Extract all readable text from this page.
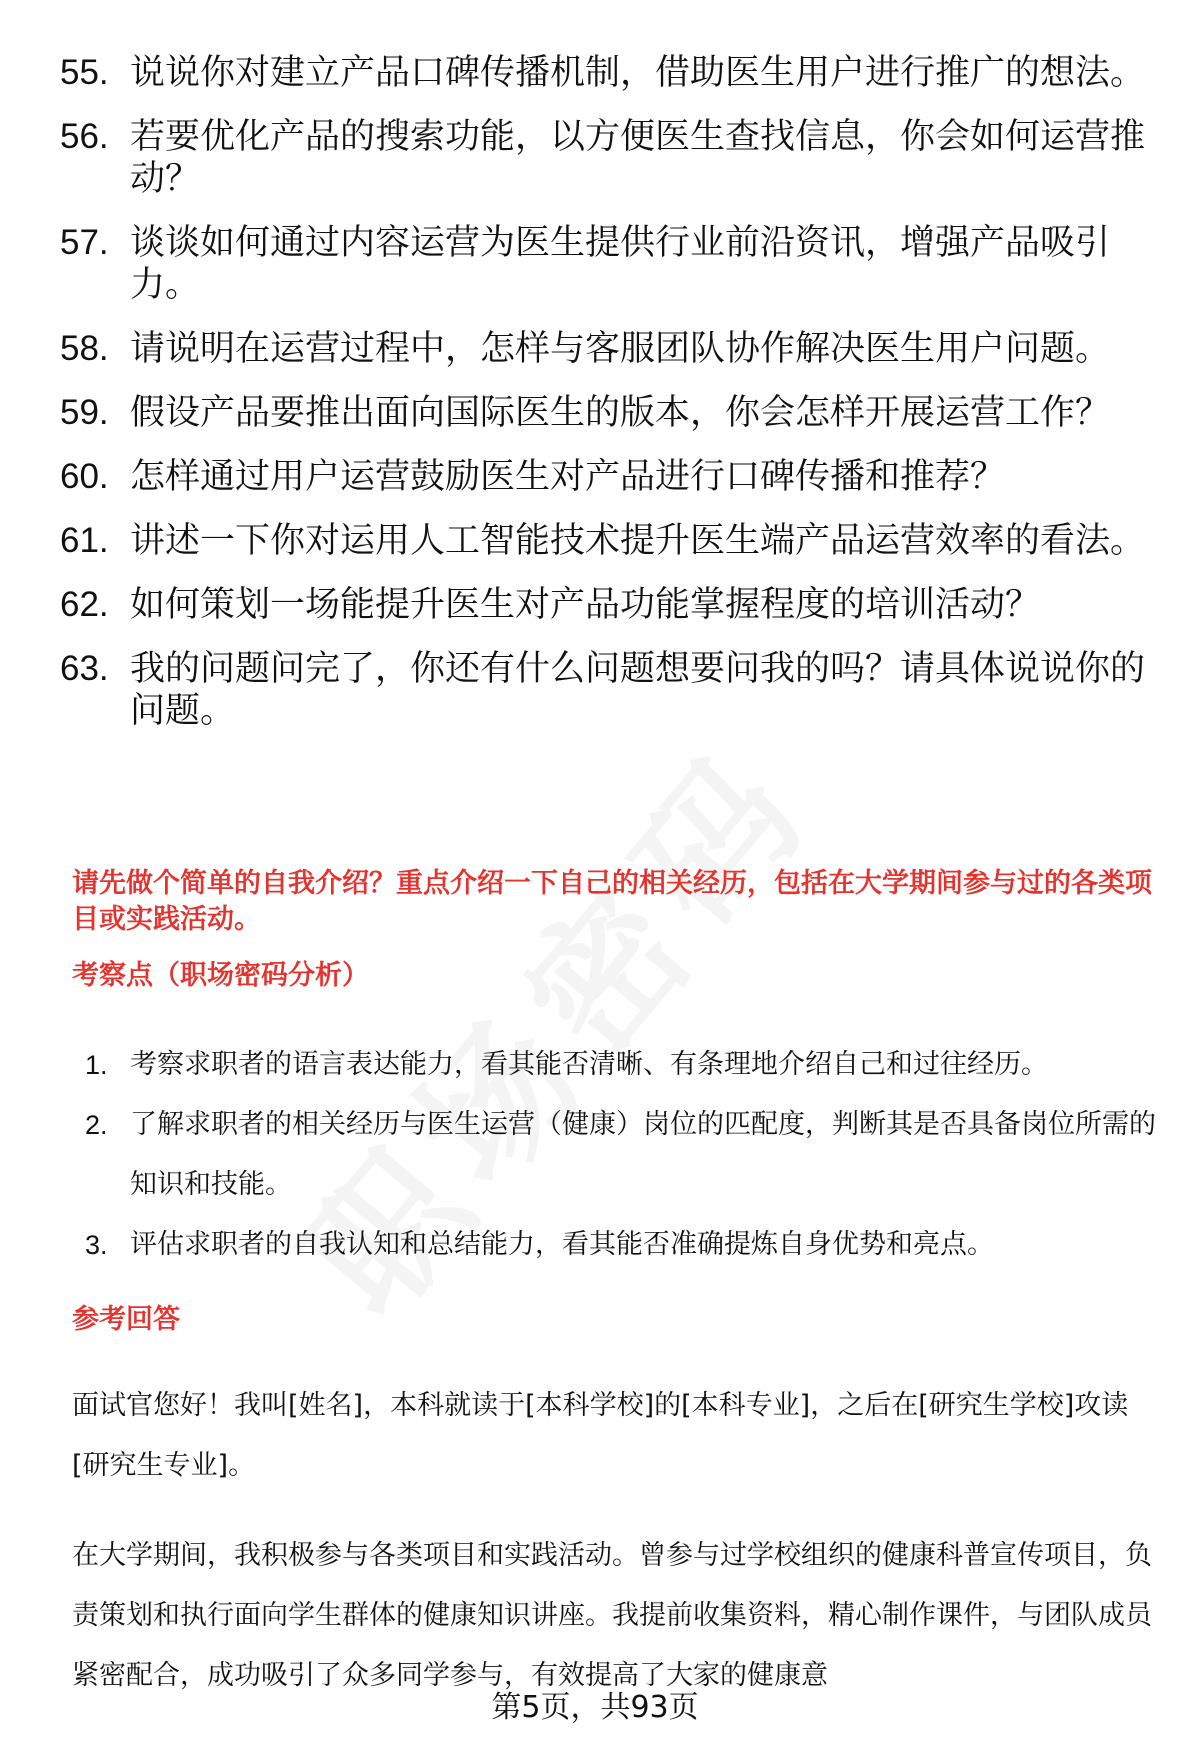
55. 说说你对建立产品口碑传播机制，借助医生用户进行推广的想法。
56. 若要优化产品的搜索功能，以方便医生查找信息，你会如何运营推动？
57. 谈谈如何通过内容运营为医生提供行业前沿资讯，增强产品吸引力。
58. 请说明在运营过程中，怎样与客服团队协作解决医生用户问题。
59. 假设产品要推出面向国际医生的版本，你会怎样开展运营工作？
60. 怎样通过用户运营鼓励医生对产品进行口碑传播和推荐？
61. 讲述一下你对运用人工智能技术提升医生端产品运营效率的看法。
62. 如何策划一场能提升医生对产品功能掌握程度的培训活动？
63. 我的问题问完了，你还有什么问题想要问我的吗？请具体说说你的问题。
请先做个简单的自我介绍？重点介绍一下自己的相关经历，包括在大学期间参与过的各类项目或实践活动。
考察点（职场密码分析）
1. 考察求职者的语言表达能力，看其能否清晰、有条理地介绍自己和过往经历。
2. 了解求职者的相关经历与医生运营（健康）岗位的匹配度，判断其是否具备岗位所需的知识和技能。
3. 评估求职者的自我认知和总结能力，看其能否准确提炼自身优势和亮点。
参考回答
面试官您好！我叫[姓名]，本科就读于[本科学校]的[本科专业]，之后在[研究生学校]攻读[研究生专业]。
在大学期间，我积极参与各类项目和实践活动。曾参与过学校组织的健康科普宣传项目，负责策划和执行面向学生群体的健康知识讲座。我提前收集资料，精心制作课件，与团队成员紧密配合，成功吸引了众多同学参与，有效提高了大家的健康意
第5页，共93页
